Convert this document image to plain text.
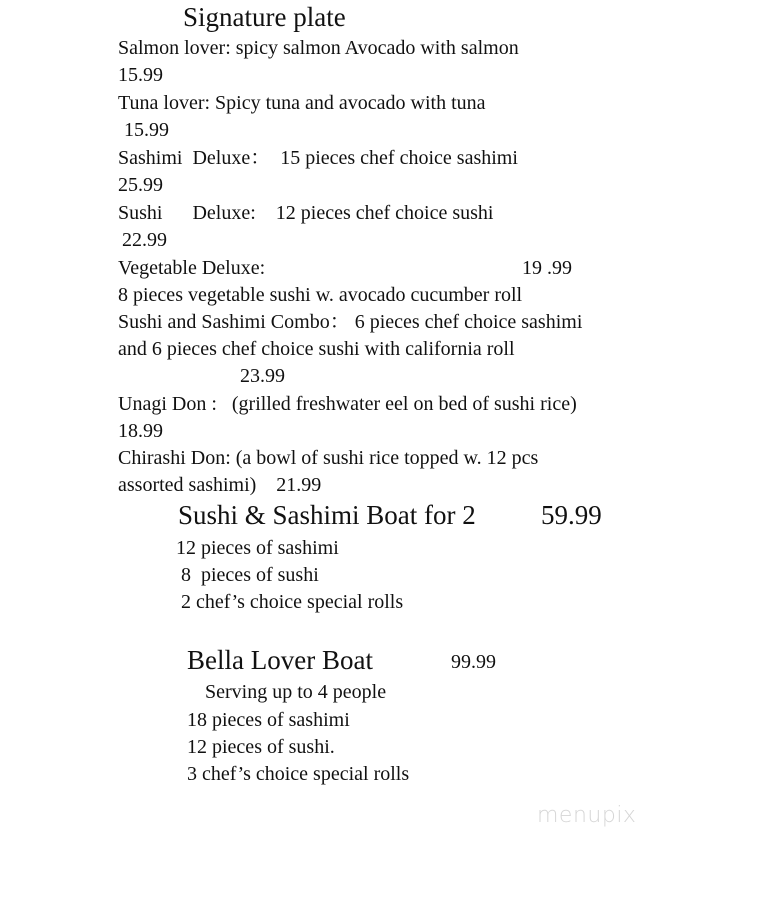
Signature plate
Salmon lover: spicy salmon Avocado with salmon
15.99
Tuna lover: Spicy tuna and avocado with tuna
15.99
Sashimi  Deluxe：  15 pieces chef choice sashimi
25.99
Sushi      Deluxe:    12 pieces chef choice sushi
22.99
Vegetable Deluxe:	19 .99
8 pieces vegetable sushi w. avocado cucumber roll
Sushi and Sashimi Combo： 6 pieces chef choice sashimi
and 6 pieces chef choice sushi with california roll
23.99
Unagi Don :   (grilled freshwater eel on bed of sushi rice)
18.99
Chirashi Don: (a bowl of sushi rice topped w. 12 pcs
assorted sashimi)    21.99
Sushi & Sashimi Boat for 2 59.99
12 pieces of sashimi
8  pieces of sushi
2 chef’s choice special rolls
Bella Lover Boat	99.99
Serving up to 4 people
18 pieces of sashimi
12 pieces of sushi.
3 chef’s choice special rolls
menupix
